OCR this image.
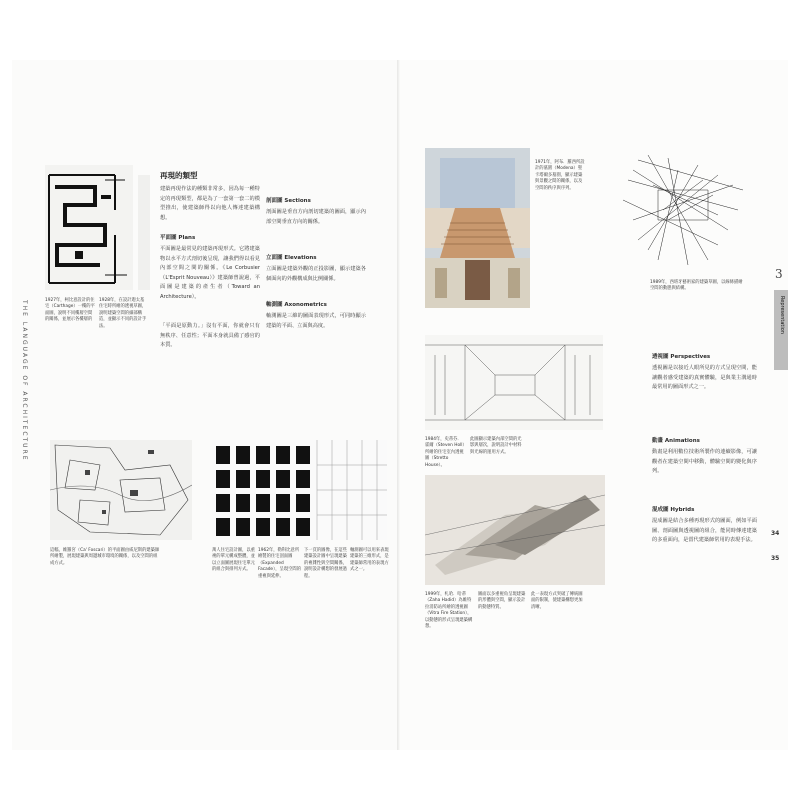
THE LANGUAGE OF ARCHITECTURE	1927年，柯比意設計的住宅（Carthage）一樓的平面圖，說明不同樓層空間的關係，並展示各樓層的
1928年，在設計迦太基住宅時所繪的透視草圖，說明建築空間的細部構造，並顯示不同的設計手法。
再現的類型
建築再現作法的種類非常多，因為每一種特定的再現類型，都是為了一套第一套二的模型推出，使建築師得以向他人傳達建築構想。
平面圖 Plans
平面圖是最常見的建築再現形式。它將建築物以水平方式剖切後呈現，讓我們得以看見內部空間之間的關係。《Le Corbusier（L'Esprit Nouveau）》建築師曾說過，平面圖是建築的產生者（Toward an Architecture）。
「平面是原動力。」沒有平面，你就會只有無秩序、任意性；平面本身就具備了感官的本質。
剖面圖 Sections
剖面圖是垂直方向剖切建築的圖面，顯示內部空間垂直方向的關係。
立面圖 Elevations
立面圖是建築外觀的正投影圖，顯示建築各個面向的外觀構成與比例關係。
軸測圖 Axonometrics
軸測圖是三維的圖面表現形式，可同時顯示建築的平面、立面與高度。
這幅，維羅宮（Ca' Foscari）的平面圖由威尼斯的建築師所繪製，展現建築與周邊城市環境的關係，以及空間的組成方式。
萬人住宅設計圖，以重複的單元構成整體，並以立面圖展現住宅單元的組合與排列方式。
1962年，勒科比意所繪製的住宅剖面圖（Expanded Facade），呈現空間的重複與延伸。
下一頁的圖像，在這些建築設計圖中呈現建築的複雜性與空間關係，說明設計構想的發展過程。
軸測圖可以用來表現建築的三維形式，是建築師常用的表現方式之一。
1971年，阿布．羅西所設計的墓園（Modena）聖卡塔爾多墓園，顯示建築與景觀之間的關係，以及空間的秩序與序列。
1989年，西班牙藝術家的建築草圖，以線條描繪空間的動態與結構。
1984年，史蒂芬．霍爾（Steven Holl）所繪的住宅室內透視圖（Stretto House）。
此圖顯示建築內部空間的光影與層次，說明設計中材料與光線的運用方式。
1999年，札哈．哈蒂（Zaha Hadid）為維特拉消防站所繪的透視圖（Vitra Fire Station），以動態的形式呈現建築構想。
圖面以多重視角呈現建築的形體與空間，顯示設計的動態特質。
此一表現方式突破了傳統圖面的限制，使建築構想更加清晰。
透視圖 Perspectives
透視圖是以接近人眼所見的方式呈現空間，能讓觀者感受建築的真實體驗，是與業主溝通時最常用的圖面形式之一。
動畫 Animations
動畫是利用數位技術所製作的連續影像，可讓觀者在建築空間中移動，體驗空間的變化與序列。
混成圖 Hybrids
混成圖是結合多種再現形式的圖面，例如平面圖、剖面圖與透視圖的組合，能同時傳達建築的多重面向，是當代建築師常用的表現手法。
3
Representation
34
35
